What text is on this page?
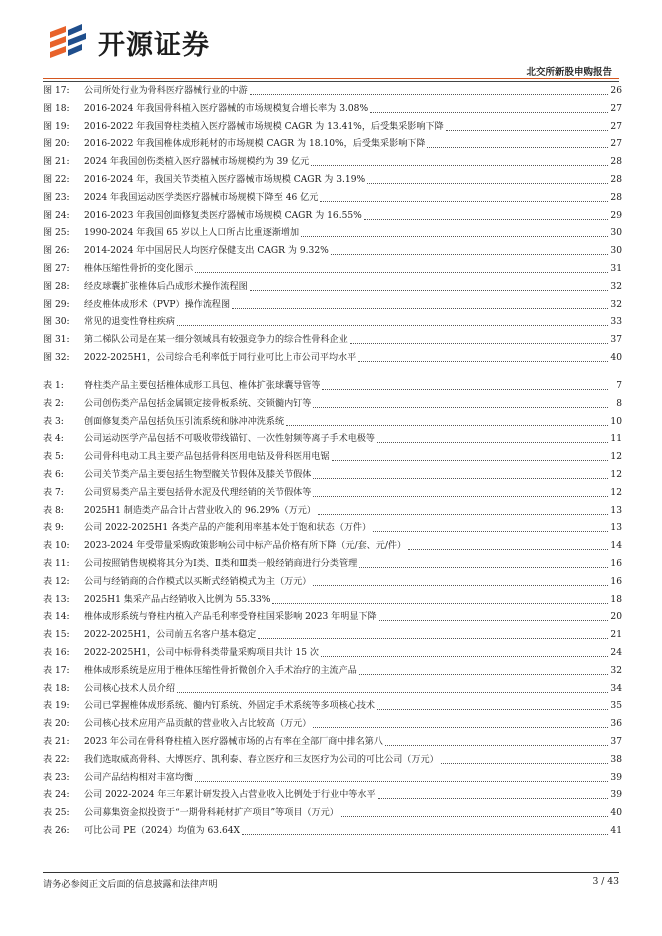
开源证券
北交所新股申购报告
图 17:	公司所处行业为骨科医疗器械行业的中游	26
图 18:	2016-2024 年我国骨科植入医疗器械的市场规模复合增长率为 3.08%	27
图 19:	2016-2022 年我国脊柱类植入医疗器械市场规模 CAGR 为 13.41%，后受集采影响下降	27
图 20:	2016-2022 年我国椎体成形耗材的市场规模 CAGR 为 18.10%，后受集采影响下降	27
图 21:	2024 年我国创伤类植入医疗器械市场规模约为 39 亿元	28
图 22:	2016-2024 年，我国关节类植入医疗器械市场规模 CAGR 为 3.19%	28
图 23:	2024 年我国运动医学类医疗器械市场规模下降至 46 亿元	28
图 24:	2016-2023 年我国创面修复类医疗器械市场规模 CAGR 为 16.55%	29
图 25:	1990-2024 年我国 65 岁以上人口所占比重逐渐增加	30
图 26:	2014-2024 年中国居民人均医疗保健支出 CAGR 为 9.32%	30
图 27:	椎体压缩性骨折的变化图示	31
图 28:	经皮球囊扩张椎体后凸成形术操作流程图	32
图 29:	经皮椎体成形术（PVP）操作流程图	32
图 30:	常见的退变性脊柱疾病	33
图 31:	第二梯队公司是在某一细分领域具有较强竞争力的综合性骨科企业	37
图 32:	2022-2025H1，公司综合毛利率低于同行业可比上市公司平均水平	40
表 1:	脊柱类产品主要包括椎体成形工具包、椎体扩张球囊导管等	7
表 2:	公司创伤类产品包括金属锁定接骨板系统、交锁髓内钉等	8
表 3:	创面修复类产品包括负压引流系统和脉冲冲洗系统	10
表 4:	公司运动医学产品包括不可吸收带线锚钉、一次性射频等离子手术电极等	11
表 5:	公司骨科电动工具主要产品包括骨科医用电钻及骨科医用电锯	12
表 6:	公司关节类产品主要包括生物型髋关节假体及膝关节假体	12
表 7:	公司贸易类产品主要包括骨水泥及代理经销的关节假体等	12
表 8:	2025H1 制造类产品合计占营业收入的 96.29%（万元）	13
表 9:	公司 2022-2025H1 各类产品的产能利用率基本处于饱和状态（万件）	13
表 10:	2023-2024 年受带量采购政策影响公司中标产品价格有所下降（元/套、元/件）	14
表 11:	公司按照销售规模将其分为Ⅰ类、Ⅱ类和Ⅲ类一般经销商进行分类管理	16
表 12:	公司与经销商的合作模式以买断式经销模式为主（万元）	16
表 13:	2025H1 集采产品占经销收入比例为 55.33%	18
表 14:	椎体成形系统与脊柱内植入产品毛利率受脊柱国采影响 2023 年明显下降	20
表 15:	2022-2025H1，公司前五名客户基本稳定	21
表 16:	2022-2025H1，公司中标骨科类带量采购项目共计 15 次	24
表 17:	椎体成形系统是应用于椎体压缩性骨折微创介入手术治疗的主流产品	32
表 18:	公司核心技术人员介绍	34
表 19:	公司已掌握椎体成形系统、髓内钉系统、外固定手术系统等多项核心技术	35
表 20:	公司核心技术应用产品贡献的营业收入占比较高（万元）	36
表 21:	2023 年公司在骨科脊柱植入医疗器械市场的占有率在全部厂商中排名第八	37
表 22:	我们选取威高骨科、大博医疗、凯利泰、春立医疗和三友医疗为公司的可比公司（万元）	38
表 23:	公司产品结构相对丰富均衡	39
表 24:	公司 2022-2024 年三年累计研发投入占营业收入比例处于行业中等水平	39
表 25:	公司募集资金拟投资于“一期骨科耗材扩产项目”等项目（万元）	40
表 26:	可比公司 PE（2024）均值为 63.64X	41
请务必参阅正文后面的信息披露和法律声明	3 / 43
